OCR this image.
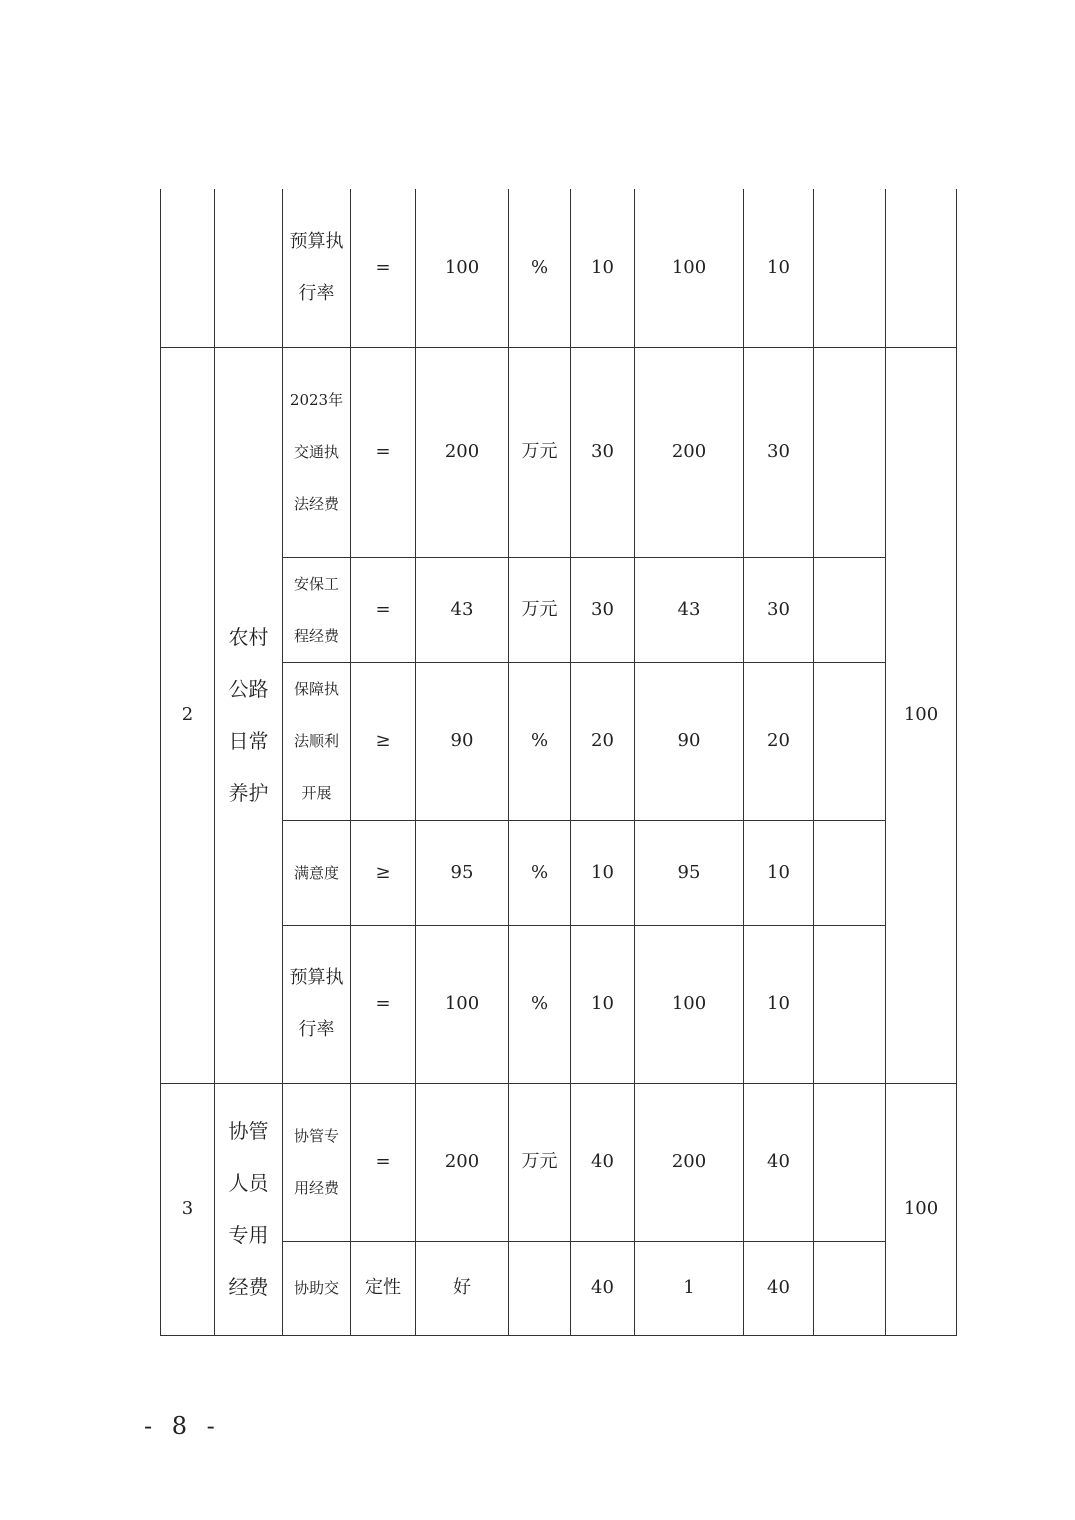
		预算执行率	=	100	%	10	100	10		
2	农村公路日常养护	2023年交通执法经费	=	200	万元	30	200	30		100
		安保工程经费	=	43	万元	30	43	30		
		保障执法顺利开展	≥	90	%	20	90	20		
		满意度	≥	95	%	10	95	10		
		预算执行率	=	100	%	10	100	10		
3	协管人员专用经费	协管专用经费	=	200	万元	40	200	40		100
		协助交	定性	好		40	1	40		
- 8 -
